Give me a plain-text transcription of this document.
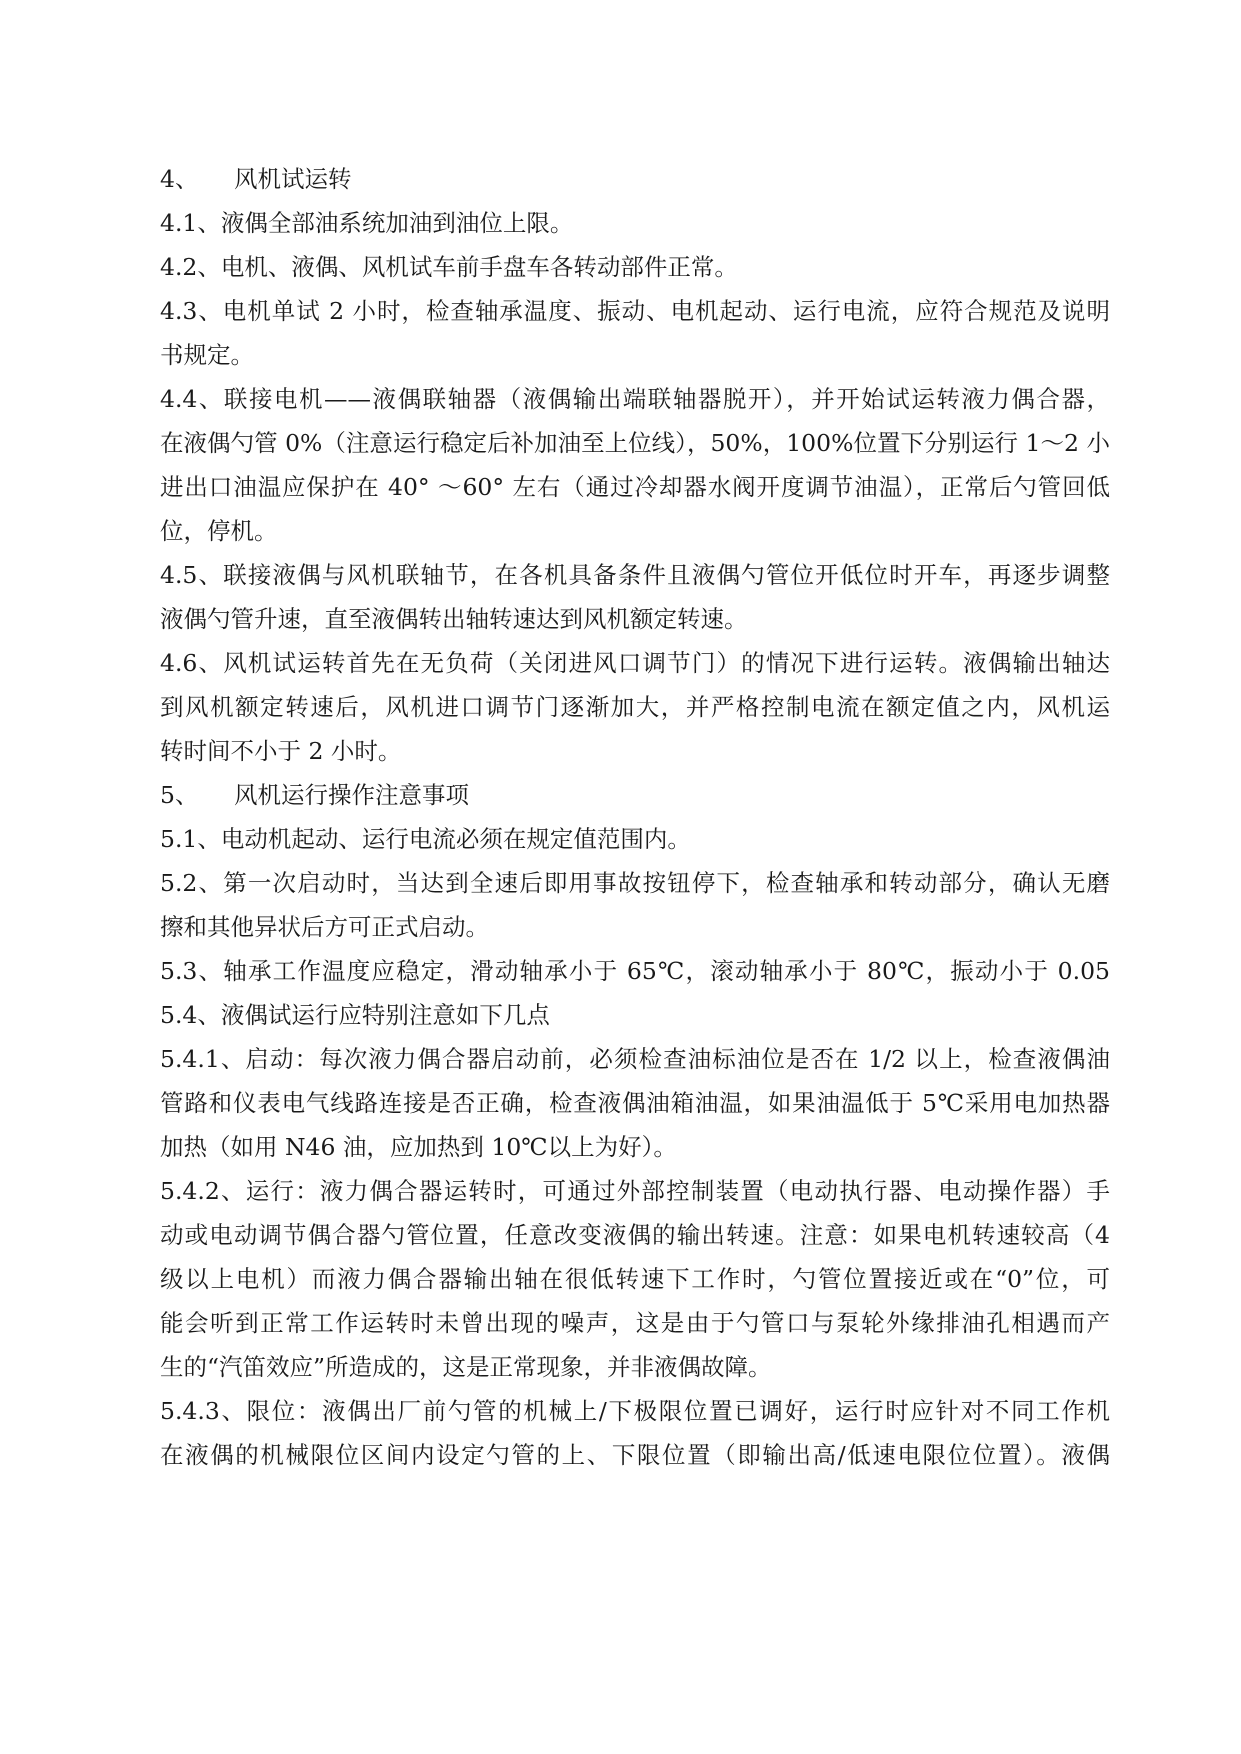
4、 风机试运转
4.1、液偶全部油系统加油到油位上限。
4.2、电机、液偶、风机试车前手盘车各转动部件正常。
4.3、电机单试 2 小时，检查轴承温度、振动、电机起动、运行电流，应符合规范及说明
书规定。
4.4、联接电机——液偶联轴器（液偶输出端联轴器脱开），并开始试运转液力偶合器，
在液偶勺管 0%（注意运行稳定后补加油至上位线），50%，100%位置下分别运行 1～2 小
进出口油温应保护在 40° ～60° 左右（通过冷却器水阀开度调节油温），正常后勺管回低
位，停机。
4.5、联接液偶与风机联轴节，在各机具备条件且液偶勺管位开低位时开车，再逐步调整
液偶勺管升速，直至液偶转出轴转速达到风机额定转速。
4.6、风机试运转首先在无负荷（关闭进风口调节门）的情况下进行运转。液偶输出轴达
到风机额定转速后，风机进口调节门逐渐加大，并严格控制电流在额定值之内，风机运
转时间不小于 2 小时。
5、 风机运行操作注意事项
5.1、电动机起动、运行电流必须在规定值范围内。
5.2、第一次启动时，当达到全速后即用事故按钮停下，检查轴承和转动部分，确认无磨
擦和其他异状后方可正式启动。
5.3、轴承工作温度应稳定，滑动轴承小于 65℃，滚动轴承小于 80℃，振动小于 0.05
5.4、液偶试运行应特别注意如下几点
5.4.1、启动：每次液力偶合器启动前，必须检查油标油位是否在 1/2 以上，检查液偶油
管路和仪表电气线路连接是否正确，检查液偶油箱油温，如果油温低于 5℃采用电加热器
加热（如用 N46 油，应加热到 10℃以上为好）。
5.4.2、运行：液力偶合器运转时，可通过外部控制装置（电动执行器、电动操作器）手
动或电动调节偶合器勺管位置，任意改变液偶的输出转速。注意：如果电机转速较高（4
级以上电机）而液力偶合器输出轴在很低转速下工作时，勺管位置接近或在“0”位，可
能会听到正常工作运转时未曾出现的噪声，这是由于勺管口与泵轮外缘排油孔相遇而产
生的“汽笛效应”所造成的，这是正常现象，并非液偶故障。
5.4.3、限位：液偶出厂前勺管的机械上/下极限位置已调好，运行时应针对不同工作机
在液偶的机械限位区间内设定勺管的上、下限位置（即输出高/低速电限位位置）。液偶
